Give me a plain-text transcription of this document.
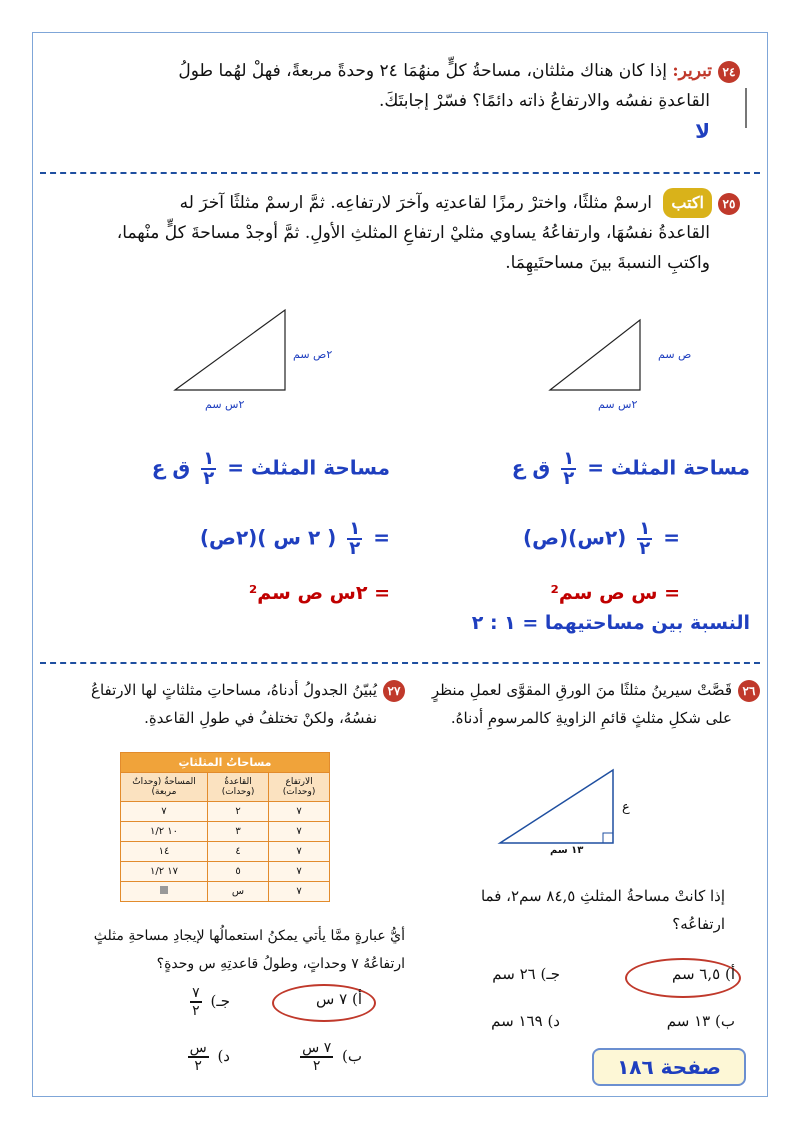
٢٤تبرير: إذا كان هناك مثلثان، مساحةُ كلٍّ منهُمَا ٢٤ وحدةً مربعةً، فهلْ لهُما طولُ
القاعدةِ نفسُه والارتفاعُ ذاته دائمًا؟ فسّرْ إجابتَكَ.
لا
٢٥اكتب ارسمْ مثلثًا، واخترْ رمزًا لقاعدتِه وآخرَ لارتفاعِه. ثمَّ ارسمْ مثلثًا آخرَ له
القاعدةُ نفسُهَا، وارتفاعُهُ يساوي مثليْ ارتفاعِ المثلثِ الأولِ. ثمَّ أوجدْ مساحةَ كلٍّ منْهما،
واكتبِ النسبةَ بينَ مساحتَيهِمَا.
٢ص سم
٢س سم
ص سم
٢س سم
مساحة المثلث =
$\frac{١}{٢}$
ق ع
=
$\frac{١}{٢}$
(٢س)(ص)
= س ص سم²
النسبة بين مساحتيهما = ١ : ٢
مساحة المثلث =
$\frac{١}{٢}$
ق ع
=
$\frac{١}{٢}$
( ٢ س )(٢ص)
= ٢س ص سم²
٢٦قَصَّتْ سيرينُ مثلثًا منَ الورقِ المقوَّى لعملِ منظرٍ
على شكلِ مثلثٍ قائمِ الزاويةِ كالمرسومِ أدناهُ.
ع
١٣ سم
إذا كانتْ مساحةُ المثلثِ ٨٤,٥ سم٢، فما
ارتفاعُه؟
أ) ٦,٥ سم
جـ) ٢٦ سم
ب) ١٣ سم
د) ١٦٩ سم
صفحة ١٨٦
٢٧يُبيّنُ الجدولُ أدناهُ، مساحاتِ مثلثاتٍ لها الارتفاعُ
نفسُهُ، ولكنْ تختلفُ في طولِ القاعدةِ.
مساحاتُ المثلثاتِ		
المساحةُ (وحداتٌ مربعة)	القاعدةُ (وحدات)	الارتفاع (وحدات)
٧	٢	٧
١٠ ١/٢	٣	٧
١٤	٤	٧
١٧ ١/٢	٥	٧
	س	٧
أيُّ عبارةٍ ممَّا يأتي يمكنُ استعمالُها لإيجادِ مساحةِ مثلثٍ
ارتفاعُهُ ٧ وحداتٍ، وطولُ قاعدتِهِ س وحدةٍ؟
أ) ٧ س
جـ)
$\frac{٧}{٢}$
ب)
$\frac{\text{٧ س}}{٢}$
د)
$\frac{\text{س}}{٢}$
